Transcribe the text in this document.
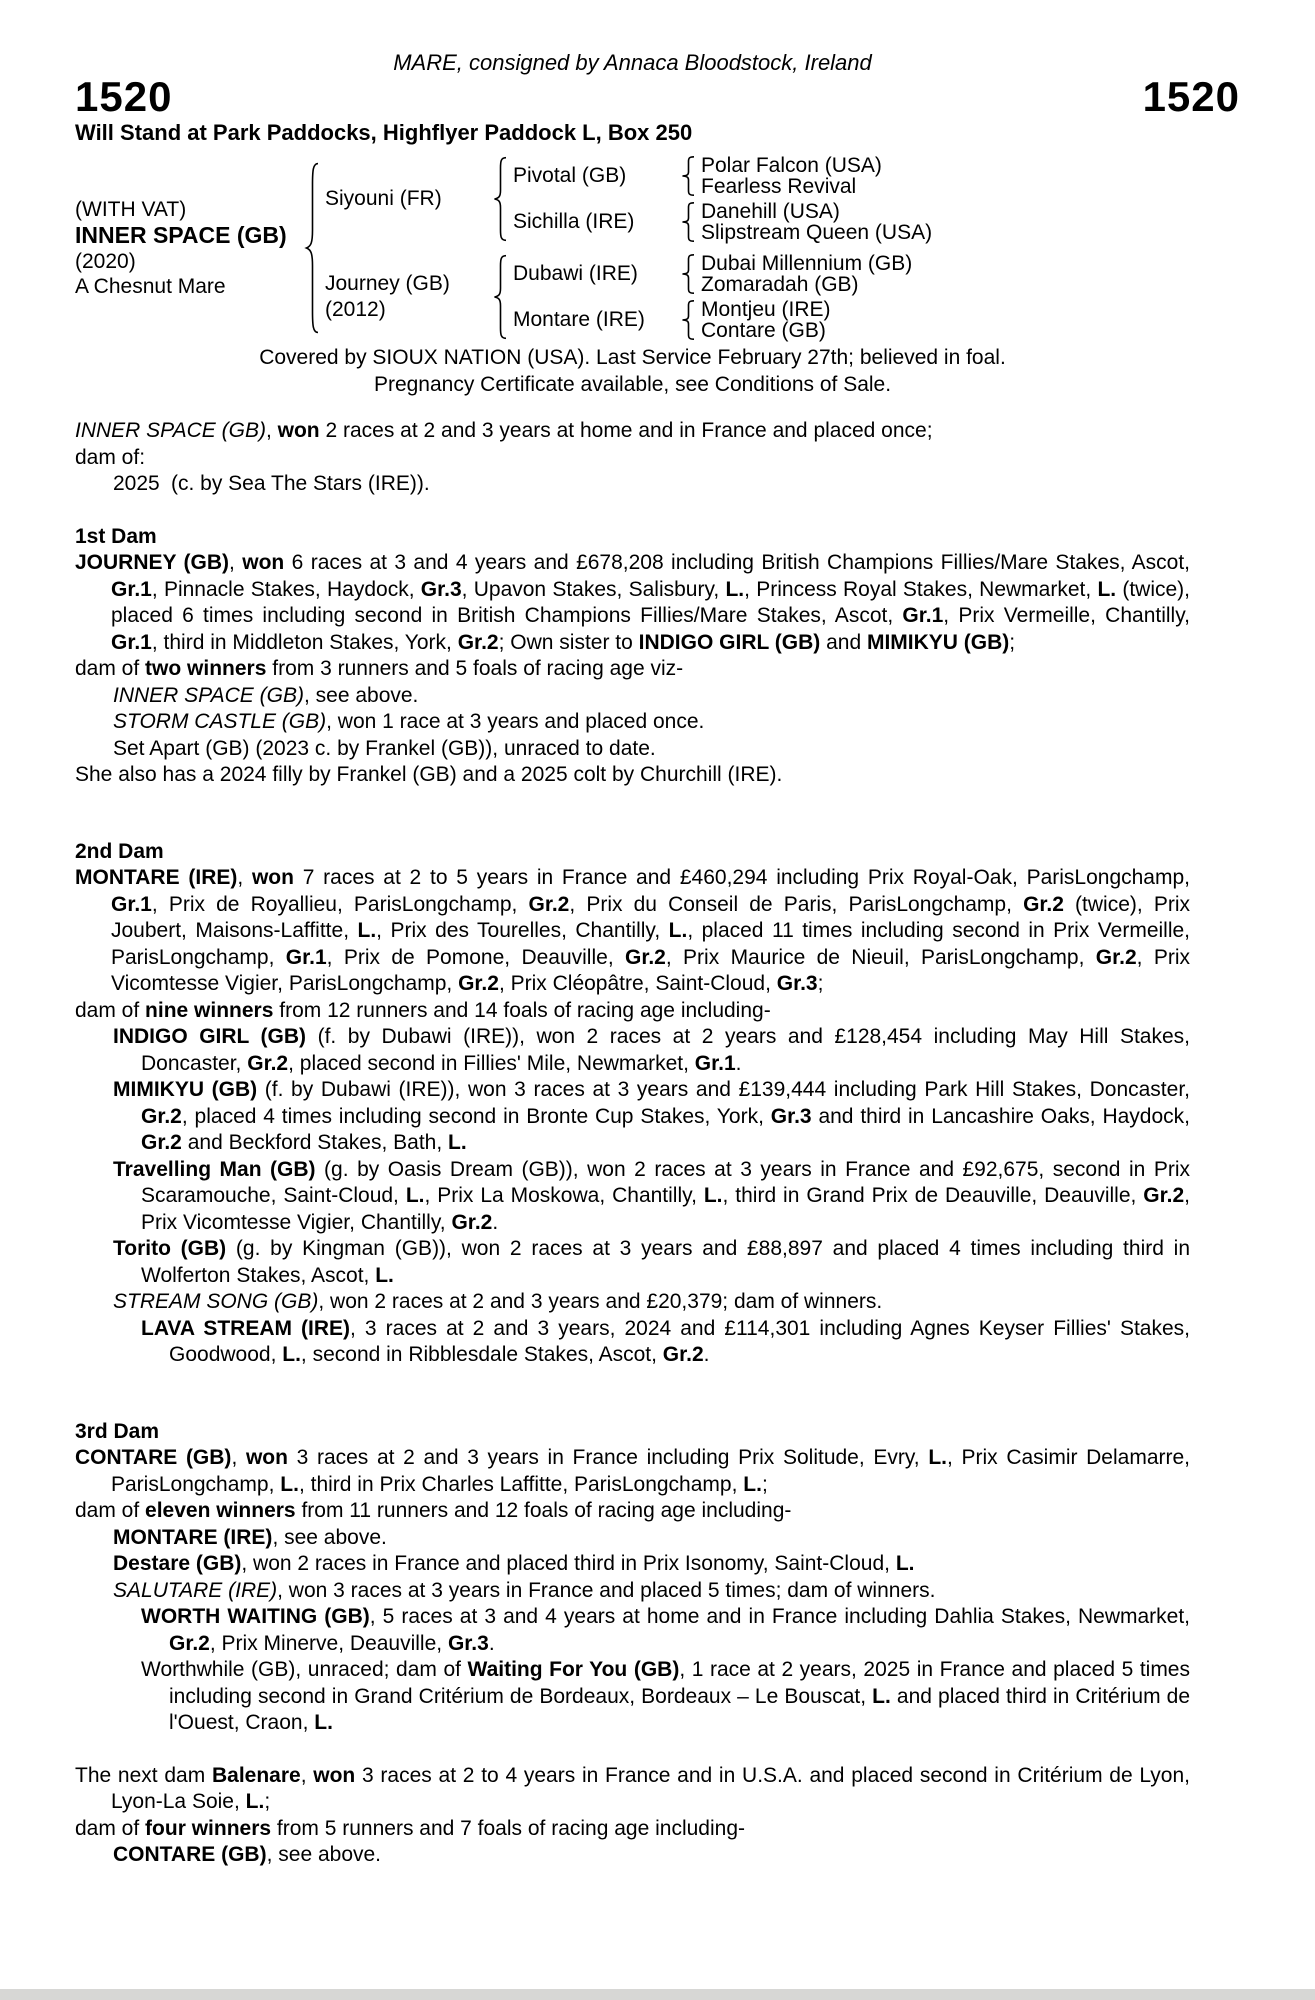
MARE, consigned by Annaca Bloodstock, Ireland
1520	1520
Will Stand at Park Paddocks, Highflyer Paddock L, Box 250
(WITH VAT)
INNER SPACE (GB)
(2020)
A Chesnut Mare
Siyouni (FR)
Pivotal (GB)	Polar Falcon (USA)
Fearless Revival
Sichilla (IRE)	Danehill (USA)
Slipstream Queen (USA)
Journey (GB)
(2012)
Dubawi (IRE)	Dubai Millennium (GB)
Zomaradah (GB)
Montare (IRE)	Montjeu (IRE)
Contare (GB)
Covered by SIOUX NATION (USA). Last Service February 27th; believed in foal.
Pregnancy Certificate available, see Conditions of Sale.

INNER SPACE (GB), won 2 races at 2 and 3 years at home and in France and placed once;

dam of:

2025 (c. by Sea The Stars (IRE)).

1st Dam

JOURNEY (GB), won 6 races at 3 and 4 years and £678,208 including British Champions Fillies/Mare Stakes, Ascot, Gr.1, Pinnacle Stakes, Haydock, Gr.3, Upavon Stakes, Salisbury, L., Princess Royal Stakes, Newmarket, L. (twice), placed 6 times including second in British Champions Fillies/Mare Stakes, Ascot, Gr.1, Prix Vermeille, Chantilly, Gr.1, third in Middleton Stakes, York, Gr.2; Own sister to INDIGO GIRL (GB) and MIMIKYU (GB);

dam of two winners from 3 runners and 5 foals of racing age viz-

INNER SPACE (GB), see above.

STORM CASTLE (GB), won 1 race at 3 years and placed once.

Set Apart (GB) (2023 c. by Frankel (GB)), unraced to date.

She also has a 2024 filly by Frankel (GB) and a 2025 colt by Churchill (IRE).

2nd Dam

MONTARE (IRE), won 7 races at 2 to 5 years in France and £460,294 including Prix Royal-Oak, ParisLongchamp, Gr.1, Prix de Royallieu, ParisLongchamp, Gr.2, Prix du Conseil de Paris, ParisLongchamp, Gr.2 (twice), Prix Joubert, Maisons-Laffitte, L., Prix des Tourelles, Chantilly, L., placed 11 times including second in Prix Vermeille, ParisLongchamp, Gr.1, Prix de Pomone, Deauville, Gr.2, Prix Maurice de Nieuil, ParisLongchamp, Gr.2, Prix Vicomtesse Vigier, ParisLongchamp, Gr.2, Prix Cléopâtre, Saint-Cloud, Gr.3;

dam of nine winners from 12 runners and 14 foals of racing age including-

INDIGO GIRL (GB) (f. by Dubawi (IRE)), won 2 races at 2 years and £128,454 including May Hill Stakes, Doncaster, Gr.2, placed second in Fillies' Mile, Newmarket, Gr.1.

MIMIKYU (GB) (f. by Dubawi (IRE)), won 3 races at 3 years and £139,444 including Park Hill Stakes, Doncaster, Gr.2, placed 4 times including second in Bronte Cup Stakes, York, Gr.3 and third in Lancashire Oaks, Haydock, Gr.2 and Beckford Stakes, Bath, L.

Travelling Man (GB) (g. by Oasis Dream (GB)), won 2 races at 3 years in France and £92,675, second in Prix Scaramouche, Saint-Cloud, L., Prix La Moskowa, Chantilly, L., third in Grand Prix de Deauville, Deauville, Gr.2, Prix Vicomtesse Vigier, Chantilly, Gr.2.

Torito (GB) (g. by Kingman (GB)), won 2 races at 3 years and £88,897 and placed 4 times including third in Wolferton Stakes, Ascot, L.

STREAM SONG (GB), won 2 races at 2 and 3 years and £20,379; dam of winners.

LAVA STREAM (IRE), 3 races at 2 and 3 years, 2024 and £114,301 including Agnes Keyser Fillies' Stakes, Goodwood, L., second in Ribblesdale Stakes, Ascot, Gr.2.

3rd Dam

CONTARE (GB), won 3 races at 2 and 3 years in France including Prix Solitude, Evry, L., Prix Casimir Delamarre, ParisLongchamp, L., third in Prix Charles Laffitte, ParisLongchamp, L.;

dam of eleven winners from 11 runners and 12 foals of racing age including-

MONTARE (IRE), see above.

Destare (GB), won 2 races in France and placed third in Prix Isonomy, Saint-Cloud, L.

SALUTARE (IRE), won 3 races at 3 years in France and placed 5 times; dam of winners.

WORTH WAITING (GB), 5 races at 3 and 4 years at home and in France including Dahlia Stakes, Newmarket, Gr.2, Prix Minerve, Deauville, Gr.3.

Worthwhile (GB), unraced; dam of Waiting For You (GB), 1 race at 2 years, 2025 in France and placed 5 times including second in Grand Critérium de Bordeaux, Bordeaux – Le Bouscat, L. and placed third in Critérium de l'Ouest, Craon, L.

The next dam Balenare, won 3 races at 2 to 4 years in France and in U.S.A. and placed second in Critérium de Lyon, Lyon-La Soie, L.;

dam of four winners from 5 runners and 7 foals of racing age including-

CONTARE (GB), see above.
